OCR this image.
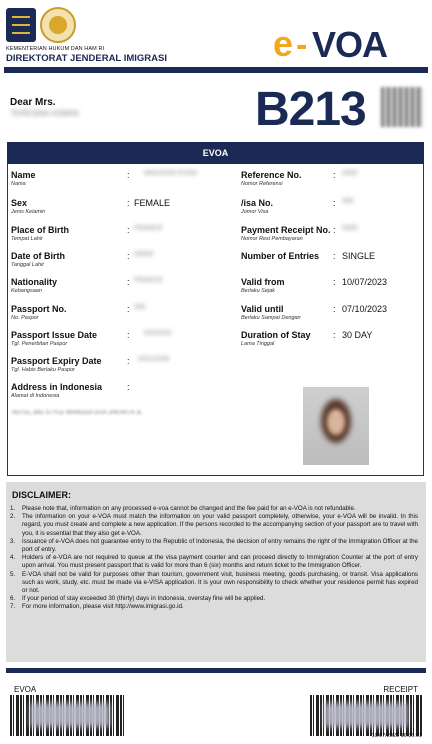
KEMENTERIAN HUKUM DAN HAM RI
DIREKTORAT JENDERAL IMIGRASI	e - VOA
Dear Mrs.
TERESINA ASMINI	B213
EVOA
Name
Nama
: MADISON EVAN
Sex
Jenis Kelamin
: FEMALE
Place of Birth
Tempat Lahir
: FRANCE
Date of Birth
Tanggal Lahir
: 00000
Nationality
Kebangsaan
: FRANCE
Passport No.
No. Paspor
: 000
Passport Issue Date
Tgl. Penerbitan Paspor
: 0/0/2020
Passport Expiry Date
Tgl. Habis Berlaku Paspor
: 0/01/2028
Address in Indonesia
Alamat di Indonesia
:
HOTEL BIG STYLE MANGGA DUA JAKARTA JL
Reference No.
Nomor Referensi
: 0000
/isa No.
Jomor Visa
: 000
Payment Receipt No.
Nomor Resi Pembayaran
: 0000
Number of Entries : SINGLE
Valid from
Berlaku Sejak
: 10/07/2023
Valid until
Berlaku Sampai Dengan
: 07/10/2023
Duration of Stay
Lama Tinggal
: 30 DAY
DISCLAIMER:
1. Please note that, information on any processed e-voa cannot be changed and the fee paid for an e-VOA is not refundable.
2. The information on your e-VOA must match the information on your valid passport completely, otherwise, your e-VOA will be invalid. In this regard, you must create and complete a new application. If the persons recorded to the accompanying section of your passport are to travel with you, it is essential that they also get e-VOA.
3. Issuance of e-VOA does not guarantee entry to the Republic of Indonesia, the decision of entry remains the right of the Immigration Officer at the port of entry.
4. Holders of e-VOA are not required to queue at the visa payment counter and can proceed directly to Immigration Counter at the port of entry upon arrival. You must present passport that is valid for more than 6 (six) months and return ticket to the Immigration Officer.
5. E-VOA shall not be valid for purposes other than tourism, government visit, business meeting, goods purchasing, or transit. Visa applications such as work, study, etc. must be made via e-VISA application. It is your own responsibility to check whether your residence permit has expired or not.
6. If your period of stay exceeded 30 (thirty) days in Indonesia, overstay fine will be applied.
7. For more information, please visit http://www.imigrasi.go.id.
EVOA	RECEIPT
10/07/2023 16:36:01
